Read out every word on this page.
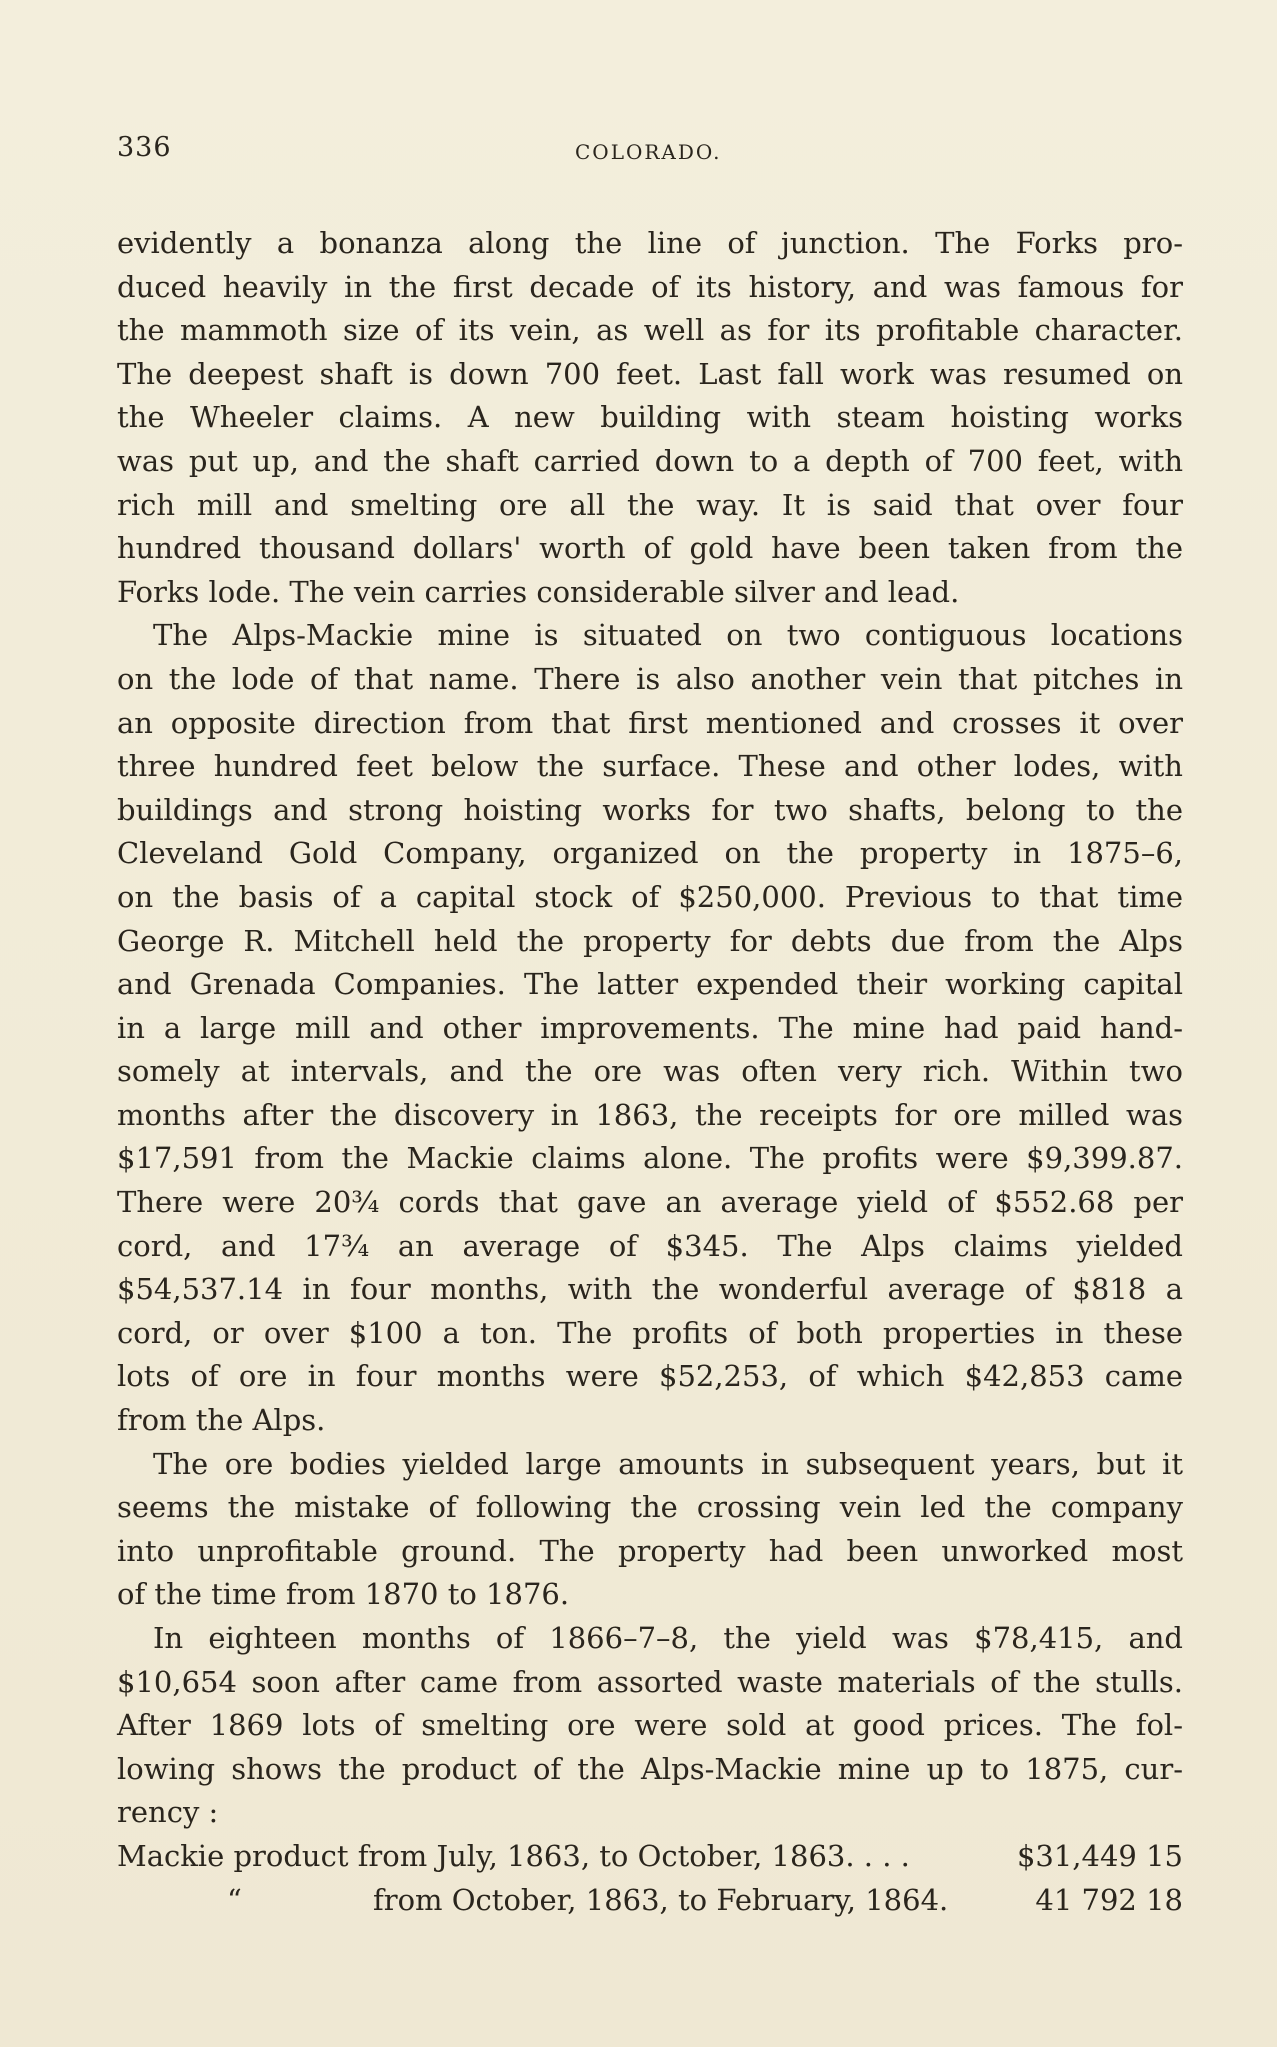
336	COLORADO.
evidently a bonanza along the line of junction. The Forks pro-
duced heavily in the first decade of its history, and was famous for
the mammoth size of its vein, as well as for its profitable character.
The deepest shaft is down 700 feet. Last fall work was resumed on
the Wheeler claims. A new building with steam hoisting works
was put up, and the shaft carried down to a depth of 700 feet, with
rich mill and smelting ore all the way. It is said that over four
hundred thousand dollars' worth of gold have been taken from the
Forks lode. The vein carries considerable silver and lead.
The Alps-Mackie mine is situated on two contiguous locations
on the lode of that name. There is also another vein that pitches in
an opposite direction from that first mentioned and crosses it over
three hundred feet below the surface. These and other lodes, with
buildings and strong hoisting works for two shafts, belong to the
Cleveland Gold Company, organized on the property in 1875–6,
on the basis of a capital stock of $250,000. Previous to that time
George R. Mitchell held the property for debts due from the Alps
and Grenada Companies. The latter expended their working capital
in a large mill and other improvements. The mine had paid hand-
somely at intervals, and the ore was often very rich. Within two
months after the discovery in 1863, the receipts for ore milled was
$17,591 from the Mackie claims alone. The profits were $9,399.87.
There were 20¾ cords that gave an average yield of $552.68 per
cord, and 17¾ an average of $345. The Alps claims yielded
$54,537.14 in four months, with the wonderful average of $818 a
cord, or over $100 a ton. The profits of both properties in these
lots of ore in four months were $52,253, of which $42,853 came
from the Alps.
The ore bodies yielded large amounts in subsequent years, but it
seems the mistake of following the crossing vein led the company
into unprofitable ground. The property had been unworked most
of the time from 1870 to 1876.
In eighteen months of 1866–7–8, the yield was $78,415, and
$10,654 soon after came from assorted waste materials of the stulls.
After 1869 lots of smelting ore were sold at good prices. The fol-
lowing shows the product of the Alps-Mackie mine up to 1875, cur-
rency :
Mackie product from July, 1863, to October, 1863. . . .	$31,449 15
“	from October, 1863, to February, 1864.	41 792 18
